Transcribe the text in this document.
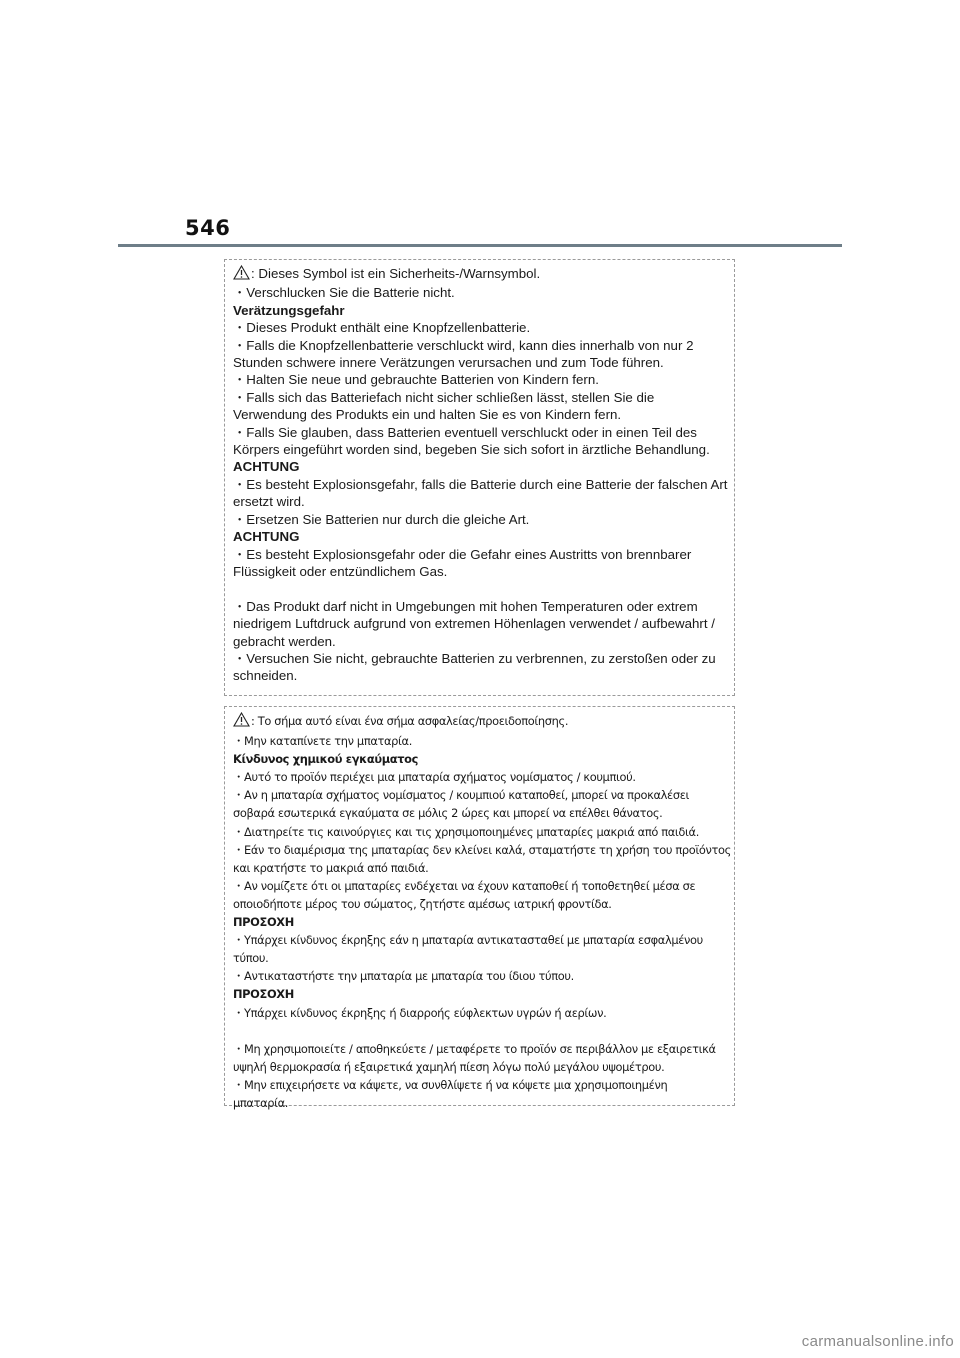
546
: Dieses Symbol ist ein Sicherheits-/Warnsymbol.
・Verschlucken Sie die Batterie nicht.
Verätzungsgefahr
・Dieses Produkt enthält eine Knopfzellenbatterie.
・Falls die Knopfzellenbatterie verschluckt wird, kann dies innerhalb von nur 2
Stunden schwere innere Verätzungen verursachen und zum Tode führen.
・Halten Sie neue und gebrauchte Batterien von Kindern fern.
・Falls sich das Batteriefach nicht sicher schließen lässt, stellen Sie die
Verwendung des Produkts ein und halten Sie es von Kindern fern.
・Falls Sie glauben, dass Batterien eventuell verschluckt oder in einen Teil des
Körpers eingeführt worden sind, begeben Sie sich sofort in ärztliche Behandlung.
ACHTUNG
・Es besteht Explosionsgefahr, falls die Batterie durch eine Batterie der falschen Art
ersetzt wird.
・Ersetzen Sie Batterien nur durch die gleiche Art.
ACHTUNG
・Es besteht Explosionsgefahr oder die Gefahr eines Austritts von brennbarer
Flüssigkeit oder entzündlichem Gas.
・Das Produkt darf nicht in Umgebungen mit hohen Temperaturen oder extrem
niedrigem Luftdruck aufgrund von extremen Höhenlagen verwendet / aufbewahrt /
gebracht werden.
・Versuchen Sie nicht, gebrauchte Batterien zu verbrennen, zu zerstoßen oder zu
schneiden.
: Το σήμα αυτό είναι ένα σήμα ασφαλείας/προειδοποίησης.
・Μην καταπίνετε την μπαταρία.
Κίνδυνος χημικού εγκαύματος
・Αυτό το προϊόν περιέχει μια μπαταρία σχήματος νομίσματος / κουμπιού.
・Αν η μπαταρία σχήματος νομίσματος / κουμπιού καταποθεί, μπορεί να προκαλέσει
σοβαρά εσωτερικά εγκαύματα σε μόλις 2 ώρες και μπορεί να επέλθει θάνατος.
・Διατηρείτε τις καινούργιες και τις χρησιμοποιημένες μπαταρίες μακριά από παιδιά.
・Εάν το διαμέρισμα της μπαταρίας δεν κλείνει καλά, σταματήστε τη χρήση του προϊόντος
και κρατήστε το μακριά από παιδιά.
・Αν νομίζετε ότι οι μπαταρίες ενδέχεται να έχουν καταποθεί ή τοποθετηθεί μέσα σε
οποιοδήποτε μέρος του σώματος, ζητήστε αμέσως ιατρική φροντίδα.
ΠΡΟΣΟΧΗ
・Υπάρχει κίνδυνος έκρηξης εάν η μπαταρία αντικατασταθεί με μπαταρία εσφαλμένου
τύπου.
・Αντικαταστήστε την μπαταρία με μπαταρία του ίδιου τύπου.
ΠΡΟΣΟΧΗ
・Υπάρχει κίνδυνος έκρηξης ή διαρροής εύφλεκτων υγρών ή αερίων.
・Μη χρησιμοποιείτε / αποθηκεύετε / μεταφέρετε το προϊόν σε περιβάλλον με εξαιρετικά
υψηλή θερμοκρασία ή εξαιρετικά χαμηλή πίεση λόγω πολύ μεγάλου υψομέτρου.
・Μην επιχειρήσετε να κάψετε, να συνθλίψετε ή να κόψετε μια χρησιμοποιημένη
μπαταρία.
carmanualsonline.info
